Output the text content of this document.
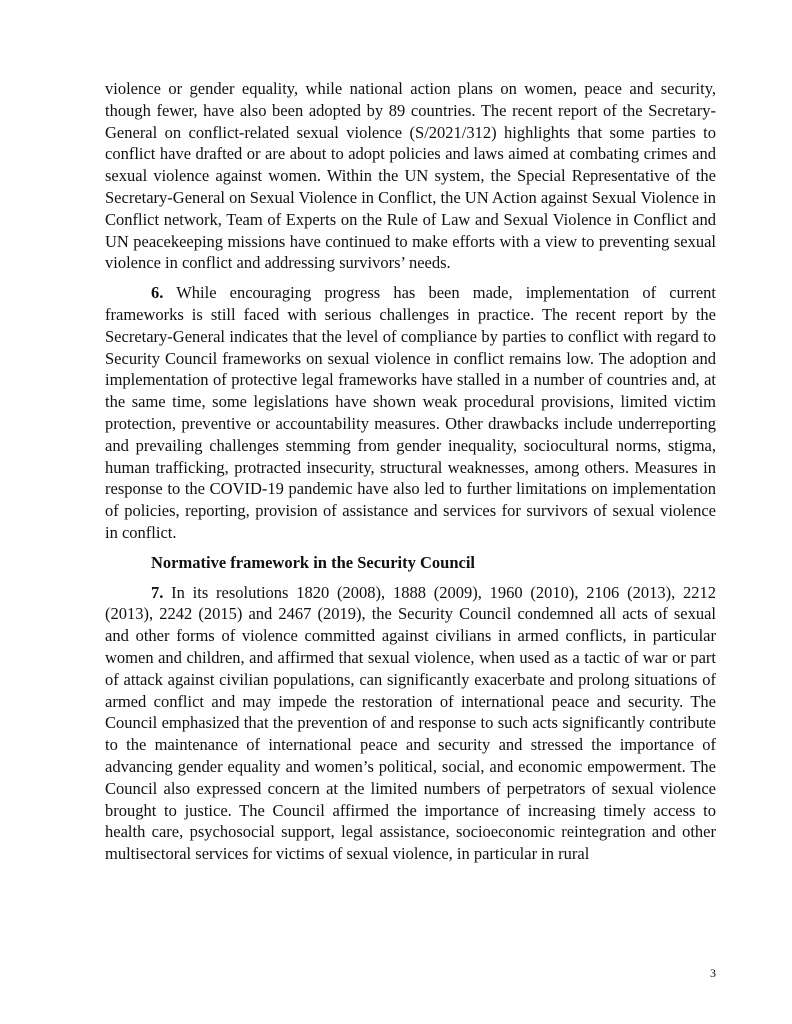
violence or gender equality, while national action plans on women, peace and security, though fewer, have also been adopted by 89 countries. The recent report of the Secretary-General on conflict-related sexual violence (S/2021/312) highlights that some parties to conflict have drafted or are about to adopt policies and laws aimed at combating crimes and sexual violence against women. Within the UN system, the Special Representative of the Secretary-General on Sexual Violence in Conflict, the UN Action against Sexual Violence in Conflict network, Team of Experts on the Rule of Law and Sexual Violence in Conflict and UN peacekeeping missions have continued to make efforts with a view to preventing sexual violence in conflict and addressing survivors’ needs.

6. While encouraging progress has been made, implementation of current frameworks is still faced with serious challenges in practice. The recent report by the Secretary-General indicates that the level of compliance by parties to conflict with regard to Security Council frameworks on sexual violence in conflict remains low. The adoption and implementation of protective legal frameworks have stalled in a number of countries and, at the same time, some legislations have shown weak procedural provisions, limited victim protection, preventive or accountability measures. Other drawbacks include underreporting and prevailing challenges stemming from gender inequality, sociocultural norms, stigma, human trafficking, protracted insecurity, structural weaknesses, among others. Measures in response to the COVID-19 pandemic have also led to further limitations on implementation of policies, reporting, provision of assistance and services for survivors of sexual violence in conflict.

Normative framework in the Security Council

7. In its resolutions 1820 (2008), 1888 (2009), 1960 (2010), 2106 (2013), 2212 (2013), 2242 (2015) and 2467 (2019), the Security Council condemned all acts of sexual and other forms of violence committed against civilians in armed conflicts, in particular women and children, and affirmed that sexual violence, when used as a tactic of war or part of attack against civilian populations, can significantly exacerbate and prolong situations of armed conflict and may impede the restoration of international peace and security. The Council emphasized that the prevention of and response to such acts significantly contribute to the maintenance of international peace and security and stressed the importance of advancing gender equality and women’s political, social, and economic empowerment. The Council also expressed concern at the limited numbers of perpetrators of sexual violence brought to justice. The Council affirmed the importance of increasing timely access to health care, psychosocial support, legal assistance, socioeconomic reintegration and other multisectoral services for victims of sexual violence, in particular in rural

3
